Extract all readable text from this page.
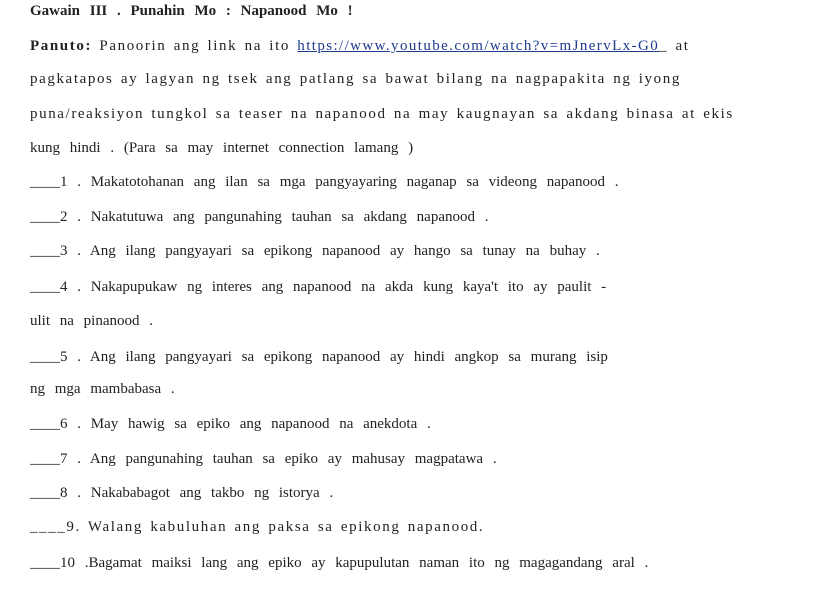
Gawain III . Punahin Mo : Napanood Mo !
Panuto: Panoorin ang link na ito https://www.youtube.com/watch?v=mJnervLx-G0_ at
pagkatapos ay lagyan ng tsek ang patlang sa bawat bilang na nagpapakita ng iyong
puna/reaksiyon tungkol sa teaser na napanood na may kaugnayan sa akdang binasa at ekis
kung hindi . (Para sa may internet connection lamang )
____1 . Makatotohanan ang ilan sa mga pangyayaring naganap sa videong napanood .
____2 . Nakatutuwa ang pangunahing tauhan sa akdang napanood .
____3 . Ang ilang pangyayari sa epikong napanood ay hango sa tunay na buhay .
____4 . Nakapupukaw ng interes ang napanood na akda kung kaya't ito ay paulit -
ulit na pinanood .
____5 . Ang ilang pangyayari sa epikong napanood ay hindi angkop sa murang isip
ng mga mambabasa .
____6 . May hawig sa epiko ang napanood na anekdota .
____7 . Ang pangunahing tauhan sa epiko ay mahusay magpatawa .
____8 . Nakababagot ang takbo ng istorya .
____9. Walang kabuluhan ang paksa sa epikong napanood.
____10 .Bagamat maiksi lang ang epiko ay kapupulutan naman ito ng magagandang aral .
